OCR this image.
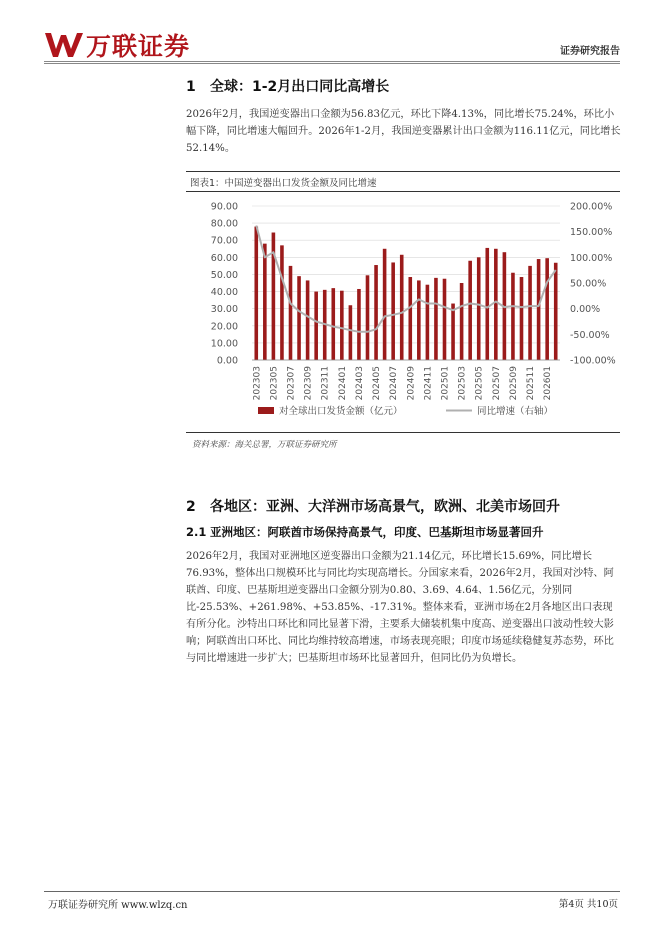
万联证券	证券研究报告
1 全球：1-2月出口同比高增长

2026年2月，我国逆变器出口金额为56.83亿元，环比下降4.13%，同比增长75.24%，环比小幅下降，同比增速大幅回升。2026年1-2月，我国逆变器累计出口金额为116.11亿元，同比增长52.14%。

图表1：中国逆变器出口发货金额及同比增速
0.00
10.00
20.00
30.00
40.00
50.00
60.00
70.00
80.00
90.00
-100.00%
-50.00%
0.00%
50.00%
100.00%
150.00%
200.00%
202303 202305 202307 202309 202311 202401 202403 202405 202407 202409 202411 202501 202503 202505 202507 202509 202511 202601
对全球出口发货金额（亿元）	同比增速（右轴）
资料来源：海关总署，万联证券研究所
2 各地区：亚洲、大洋洲市场高景气，欧洲、北美市场回升
2.1 亚洲地区：阿联酋市场保持高景气，印度、巴基斯坦市场显著回升

2026年2月，我国对亚洲地区逆变器出口金额为21.14亿元，环比增长15.69%，同比增长76.93%，整体出口规模环比与同比均实现高增长。分国家来看，2026年2月，我国对沙特、阿联酋、印度、巴基斯坦逆变器出口金额分别为0.80、3.69、4.64、1.56亿元，分别同比-25.53%、+261.98%、+53.85%、-17.31%。整体来看，亚洲市场在2月各地区出口表现有所分化。沙特出口环比和同比显著下滑，主要系大储装机集中度高、逆变器出口波动性较大影响；阿联酋出口环比、同比均维持较高增速，市场表现亮眼；印度市场延续稳健复苏态势，环比与同比增速进一步扩大；巴基斯坦市场环比显著回升，但同比仍为负增长。

万联证券研究所 www.wlzq.cn	第4页 共10页
